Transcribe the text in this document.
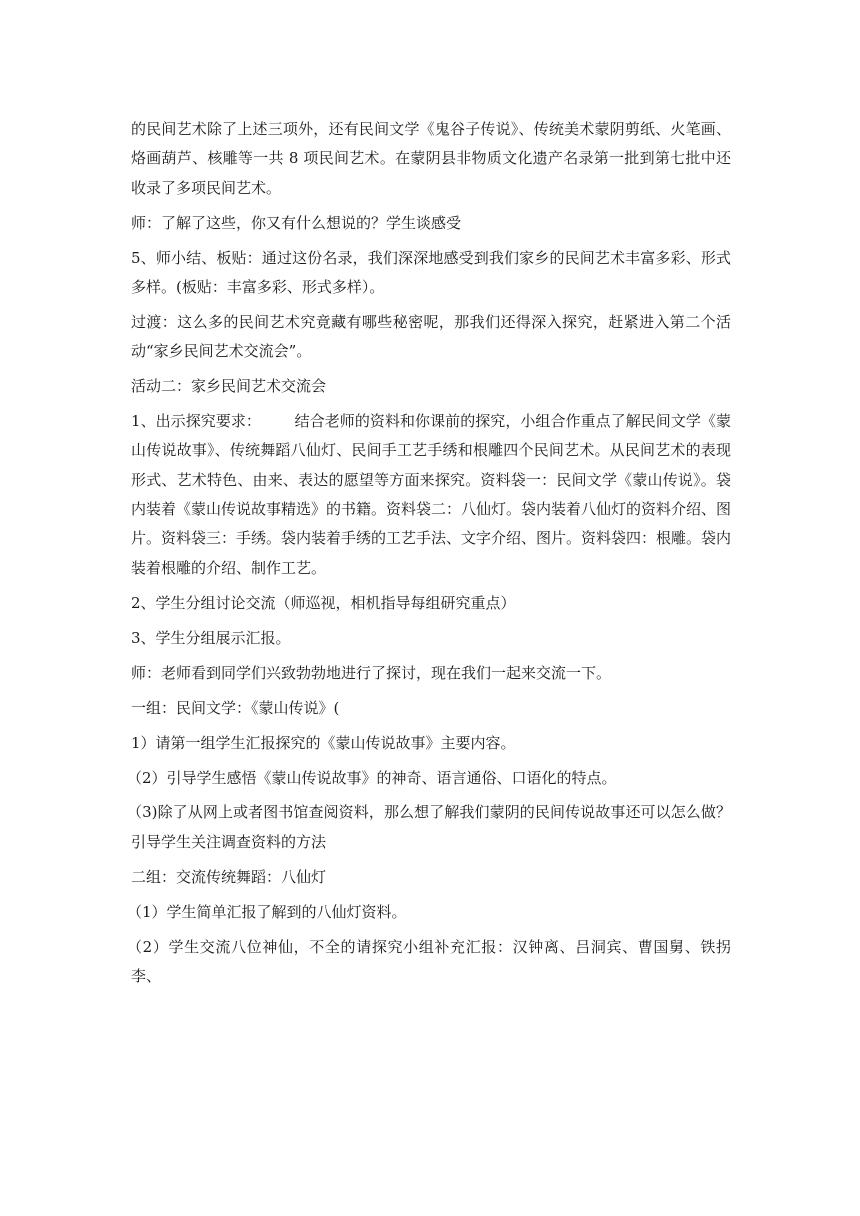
的民间艺术除了上述三项外，还有民间文学《鬼谷子传说》、传统美术蒙阴剪纸、火笔画、烙画葫芦、核雕等一共 8 项民间艺术。在蒙阴县非物质文化遗产名录第一批到第七批中还收录了多项民间艺术。

师：了解了这些，你又有什么想说的？学生谈感受

5、师小结、板贴：通过这份名录，我们深深地感受到我们家乡的民间艺术丰富多彩、形式多样。(板贴：丰富多彩、形式多样）。

过渡：这么多的民间艺术究竟藏有哪些秘密呢，那我们还得深入探究，赶紧进入第二个活动“家乡民间艺术交流会”。

活动二：家乡民间艺术交流会

1、出示探究要求：       结合老师的资料和你课前的探究，小组合作重点了解民间文学《蒙山传说故事》、传统舞蹈八仙灯、民间手工艺手绣和根雕四个民间艺术。从民间艺术的表现形式、艺术特色、由来、表达的愿望等方面来探究。资料袋一：民间文学《蒙山传说》。袋内装着《蒙山传说故事精选》的书籍。资料袋二：八仙灯。袋内装着八仙灯的资料介绍、图片。资料袋三：手绣。袋内装着手绣的工艺手法、文字介绍、图片。资料袋四：根雕。袋内装着根雕的介绍、制作工艺。

2、学生分组讨论交流（师巡视，相机指导每组研究重点）

3、学生分组展示汇报。

师：老师看到同学们兴致勃勃地进行了探讨，现在我们一起来交流一下。

一组：民间文学：《蒙山传说》(

1）请第一组学生汇报探究的《蒙山传说故事》主要内容。

（2）引导学生感悟《蒙山传说故事》的神奇、语言通俗、口语化的特点。

（3)除了从网上或者图书馆查阅资料，那么想了解我们蒙阴的民间传说故事还可以怎么做？引导学生关注调查资料的方法

二组：交流传统舞蹈：八仙灯

（1）学生简单汇报了解到的八仙灯资料。

（2）学生交流八位神仙，不全的请探究小组补充汇报：汉钟离、吕洞宾、曹国舅、铁拐李、
